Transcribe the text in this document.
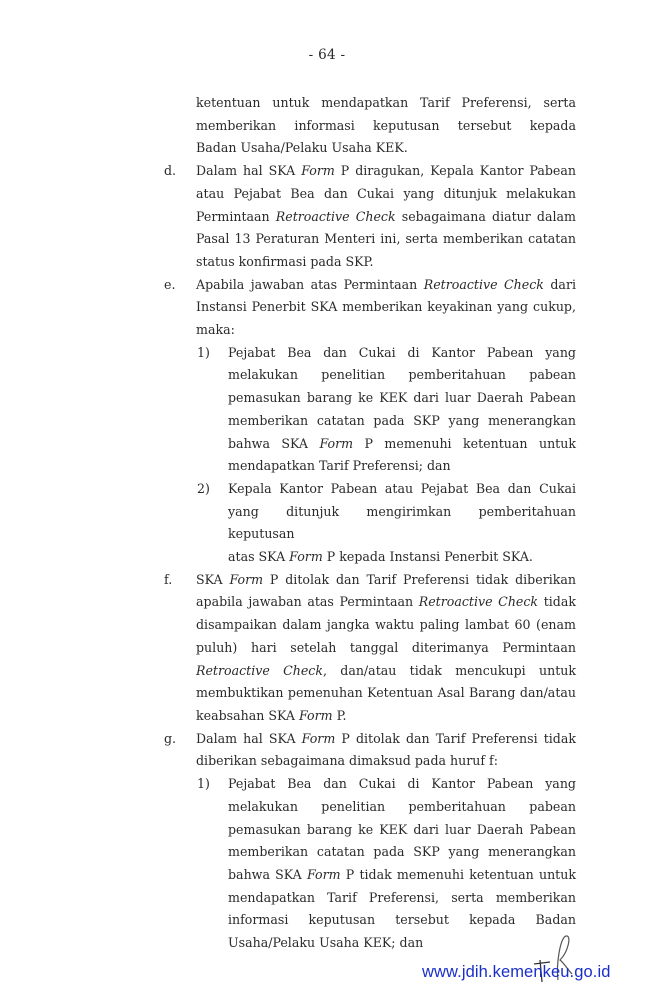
- 64 -
ketentuan untuk mendapatkan Tarif Preferensi, serta
memberikan informasi keputusan tersebut kepada
Badan Usaha/Pelaku Usaha KEK.
d. Dalam hal SKA Form P diragukan, Kepala Kantor Pabean
atau Pejabat Bea dan Cukai yang ditunjuk melakukan
Permintaan Retroactive Check sebagaimana diatur dalam
Pasal 13 Peraturan Menteri ini, serta memberikan catatan
status konfirmasi pada SKP.
e. Apabila jawaban atas Permintaan Retroactive Check dari
Instansi Penerbit SKA memberikan keyakinan yang cukup,
maka:
1) Pejabat Bea dan Cukai di Kantor Pabean yang
melakukan penelitian pemberitahuan pabean
pemasukan barang ke KEK dari luar Daerah Pabean
memberikan catatan pada SKP yang menerangkan
bahwa SKA Form P memenuhi ketentuan untuk
mendapatkan Tarif Preferensi; dan
2) Kepala Kantor Pabean atau Pejabat Bea dan Cukai
yang ditunjuk mengirimkan pemberitahuan keputusan
atas SKA Form P kepada Instansi Penerbit SKA.
f. SKA Form P ditolak dan Tarif Preferensi tidak diberikan
apabila jawaban atas Permintaan Retroactive Check tidak
disampaikan dalam jangka waktu paling lambat 60 (enam
puluh) hari setelah tanggal diterimanya Permintaan
Retroactive Check, dan/atau tidak mencukupi untuk
membuktikan pemenuhan Ketentuan Asal Barang dan/atau
keabsahan SKA Form P.
g. Dalam hal SKA Form P ditolak dan Tarif Preferensi tidak
diberikan sebagaimana dimaksud pada huruf f:
1) Pejabat Bea dan Cukai di Kantor Pabean yang
melakukan penelitian pemberitahuan pabean
pemasukan barang ke KEK dari luar Daerah Pabean
memberikan catatan pada SKP yang menerangkan
bahwa SKA Form P tidak memenuhi ketentuan untuk
mendapatkan Tarif Preferensi, serta memberikan
informasi keputusan tersebut kepada Badan
Usaha/Pelaku Usaha KEK; dan
www.jdih.kemenkeu.go.id
